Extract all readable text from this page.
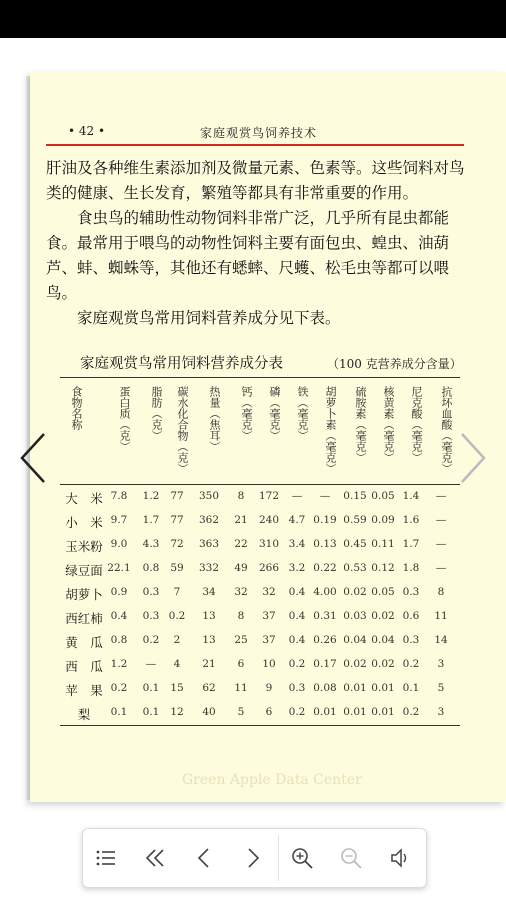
• 42 •	家庭观赏鸟饲养技术

肝油及各种维生素添加剂及微量元素、色素等。这些饲料对鸟类的健康、生长发育，繁殖等都具有非常重要的作用。

食虫鸟的辅助性动物饲料非常广泛，几乎所有昆虫都能食。最常用于喂鸟的动物性饲料主要有面包虫、蝗虫、油葫芦、蚌、蜘蛛等，其他还有蟋蟀、尺蠖、松毛虫等都可以喂鸟。

家庭观赏鸟常用饲料营养成分见下表。

家庭观赏鸟常用饲料营养成分表	（100 克营养成分含量）
食物名称	蛋白质（克） 脂肪（克） 碳水化合物（克） 热量（焦耳） 钙（毫克） 磷（毫克） 铁（毫克） 胡萝卜素（毫克） 硫胺素（毫克） 核黄素（毫克） 尼克酸（毫克） 抗坏血酸（毫克）
大　米 7.8	1.2	77	350	8	172	—	—	0.15 0.05 1.4	—
小　米 9.7	1.7	77	362	21	240 4.7 0.19 0.59 0.09 1.6	—
玉米粉 9.0	4.3	72	363	22	310 3.4 0.13 0.45 0.11 1.7	—
绿豆面 22.1	0.8	59	332	49	266 3.2 0.22 0.53 0.12 1.8	—
胡萝卜 0.9	0.3	7	34	32	32	0.4 4.00 0.02 0.05 0.3	8
西红柿 0.4	0.3 0.2	13	8	37	0.4 0.31 0.03 0.02 0.6	11
黄　瓜 0.8	0.2	2	13	25	37	0.4 0.26 0.04 0.04 0.3	14
西　瓜 1.2	—	4	21	6	10	0.2 0.17 0.02 0.02 0.2	3
苹　果 0.2	0.1	15	62	11	9	0.3 0.08 0.01 0.01 0.1	5
梨	0.1	0.1	12	40	5	6	0.2 0.01 0.01 0.01 0.2	3
Green Apple Data Center
